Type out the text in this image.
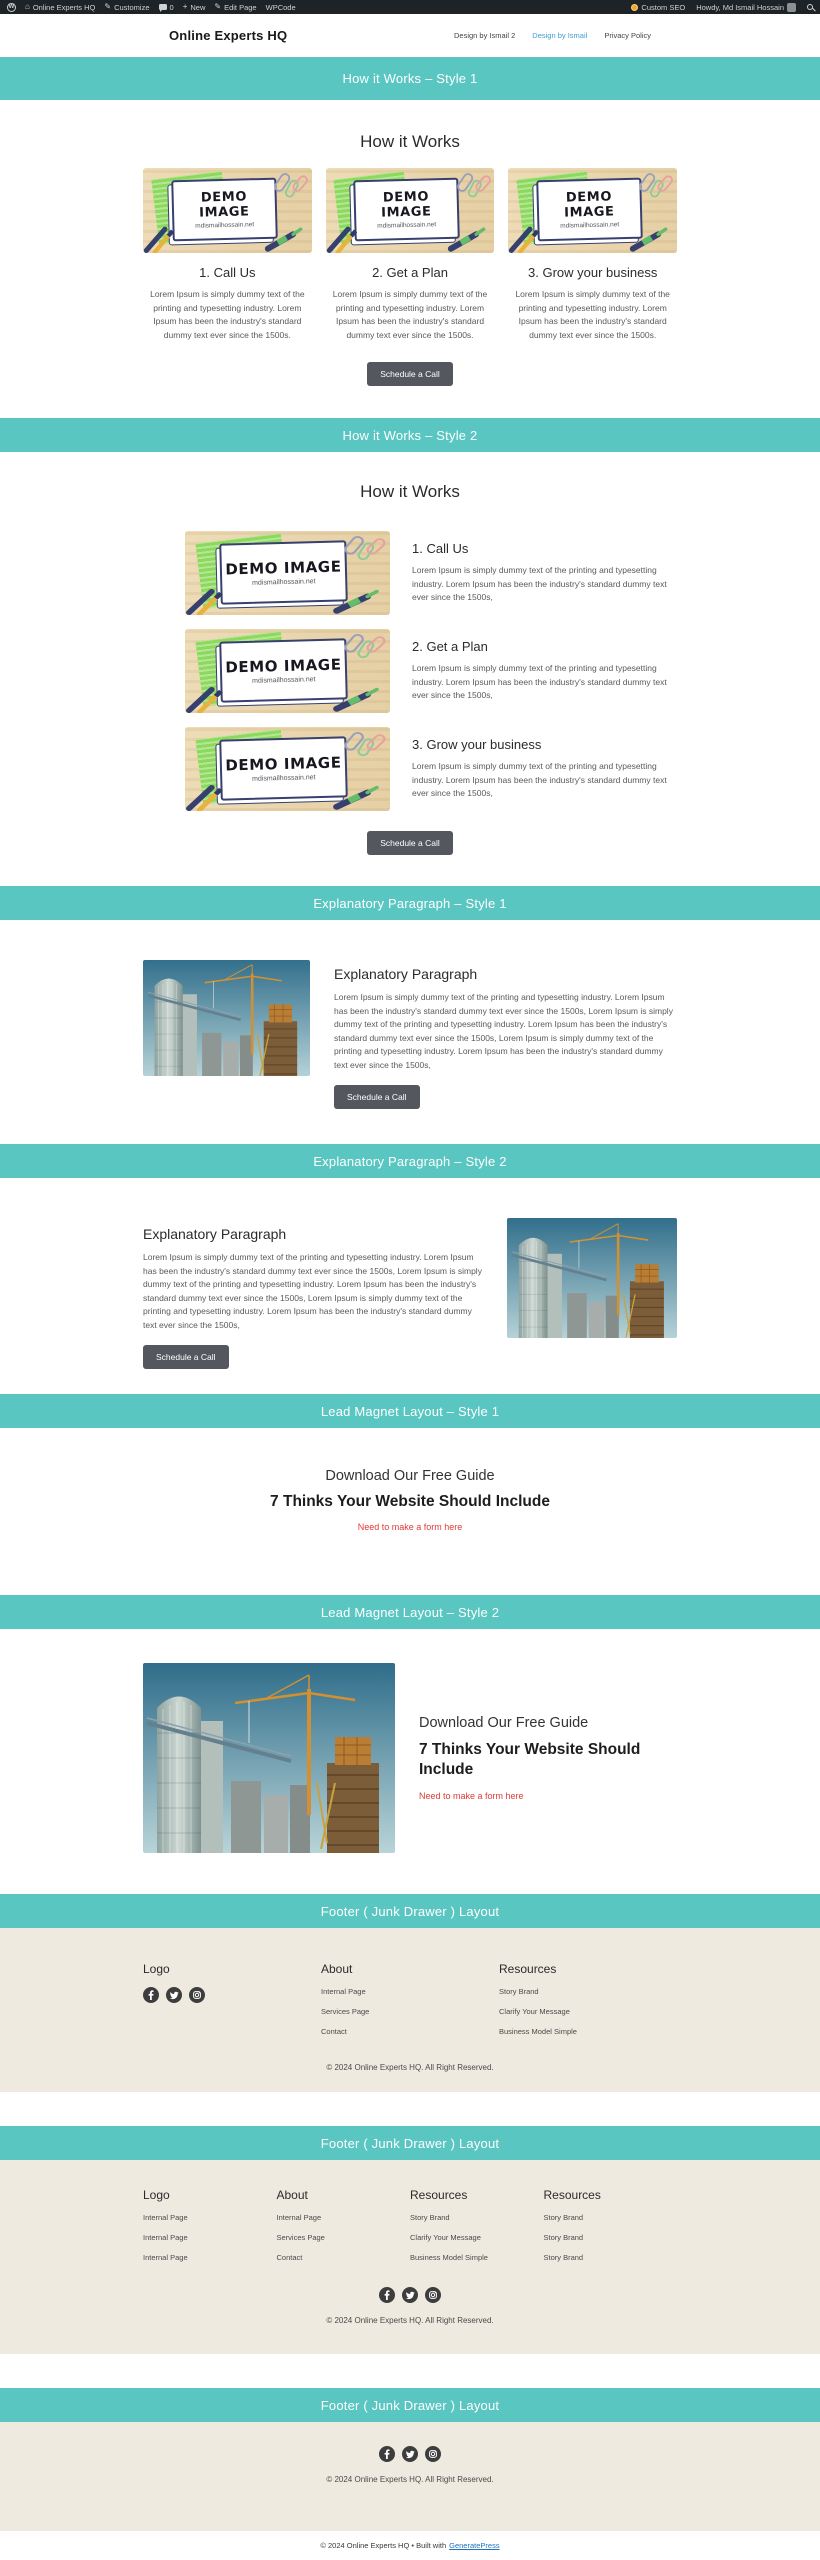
W ⌂ Online Experts HQ ✎ Customize	0 + New ✎ Edit Page WPCode	Custom SEO Howdy, Md Ismail Hossain
Online Experts HQ	Design by Ismail 2 Design by Ismail Privacy Policy
How it Works – Style 1
How it Works
DEMO IMAGE
mdismailhossain.net
1. Call Us
Lorem Ipsum is simply dummy text of the printing and typesetting industry. Lorem Ipsum has been the industry's standard dummy text ever since the 1500s.
DEMO IMAGE
mdismailhossain.net
2. Get a Plan
Lorem Ipsum is simply dummy text of the printing and typesetting industry. Lorem Ipsum has been the industry's standard dummy text ever since the 1500s.
DEMO IMAGE
mdismailhossain.net
3. Grow your business
Lorem Ipsum is simply dummy text of the printing and typesetting industry. Lorem Ipsum has been the industry's standard dummy text ever since the 1500s.
Schedule a Call
How it Works – Style 2
How it Works
DEMO IMAGE
mdismailhossain.net
1. Call Us
Lorem Ipsum is simply dummy text of the printing and typesetting industry. Lorem Ipsum has been the industry's standard dummy text ever since the 1500s,
DEMO IMAGE
mdismailhossain.net
2. Get a Plan
Lorem Ipsum is simply dummy text of the printing and typesetting industry. Lorem Ipsum has been the industry's standard dummy text ever since the 1500s,
DEMO IMAGE
mdismailhossain.net
3. Grow your business
Lorem Ipsum is simply dummy text of the printing and typesetting industry. Lorem Ipsum has been the industry's standard dummy text ever since the 1500s,
Schedule a Call
Explanatory Paragraph – Style 1
Explanatory Paragraph
Lorem Ipsum is simply dummy text of the printing and typesetting industry. Lorem Ipsum has been the industry's standard dummy text ever since the 1500s, Lorem Ipsum is simply dummy text of the printing and typesetting industry. Lorem Ipsum has been the industry's standard dummy text ever since the 1500s, Lorem Ipsum is simply dummy text of the printing and typesetting industry. Lorem Ipsum has been the industry's standard dummy text ever since the 1500s,
Schedule a Call
Explanatory Paragraph – Style 2
Explanatory Paragraph
Lorem Ipsum is simply dummy text of the printing and typesetting industry. Lorem Ipsum has been the industry's standard dummy text ever since the 1500s, Lorem Ipsum is simply dummy text of the printing and typesetting industry. Lorem Ipsum has been the industry's standard dummy text ever since the 1500s, Lorem Ipsum is simply dummy text of the printing and typesetting industry. Lorem Ipsum has been the industry's standard dummy text ever since the 1500s,
Schedule a Call
Lead Magnet Layout – Style 1
Download Our Free Guide
7 Thinks Your Website Should Include
Need to make a form here
Lead Magnet Layout – Style 2
Download Our Free Guide
7 Thinks Your Website Should Include
Need to make a form here
Footer ( Junk Drawer ) Layout
Logo	About
Internal Page
Services Page
Contact
Resources
Story Brand
Clarify Your Message
Business Model Simple
© 2024 Online Experts HQ. All Right Reserved.
Footer ( Junk Drawer ) Layout
Logo
Internal Page
Internal Page
Internal Page
About
Internal Page
Services Page
Contact
Resources
Story Brand
Clarify Your Message
Business Model Simple
Resources
Story Brand
Story Brand
Story Brand
© 2024 Online Experts HQ. All Right Reserved.
Footer ( Junk Drawer ) Layout
© 2024 Online Experts HQ. All Right Reserved.
© 2024 Online Experts HQ • Built with GeneratePress
